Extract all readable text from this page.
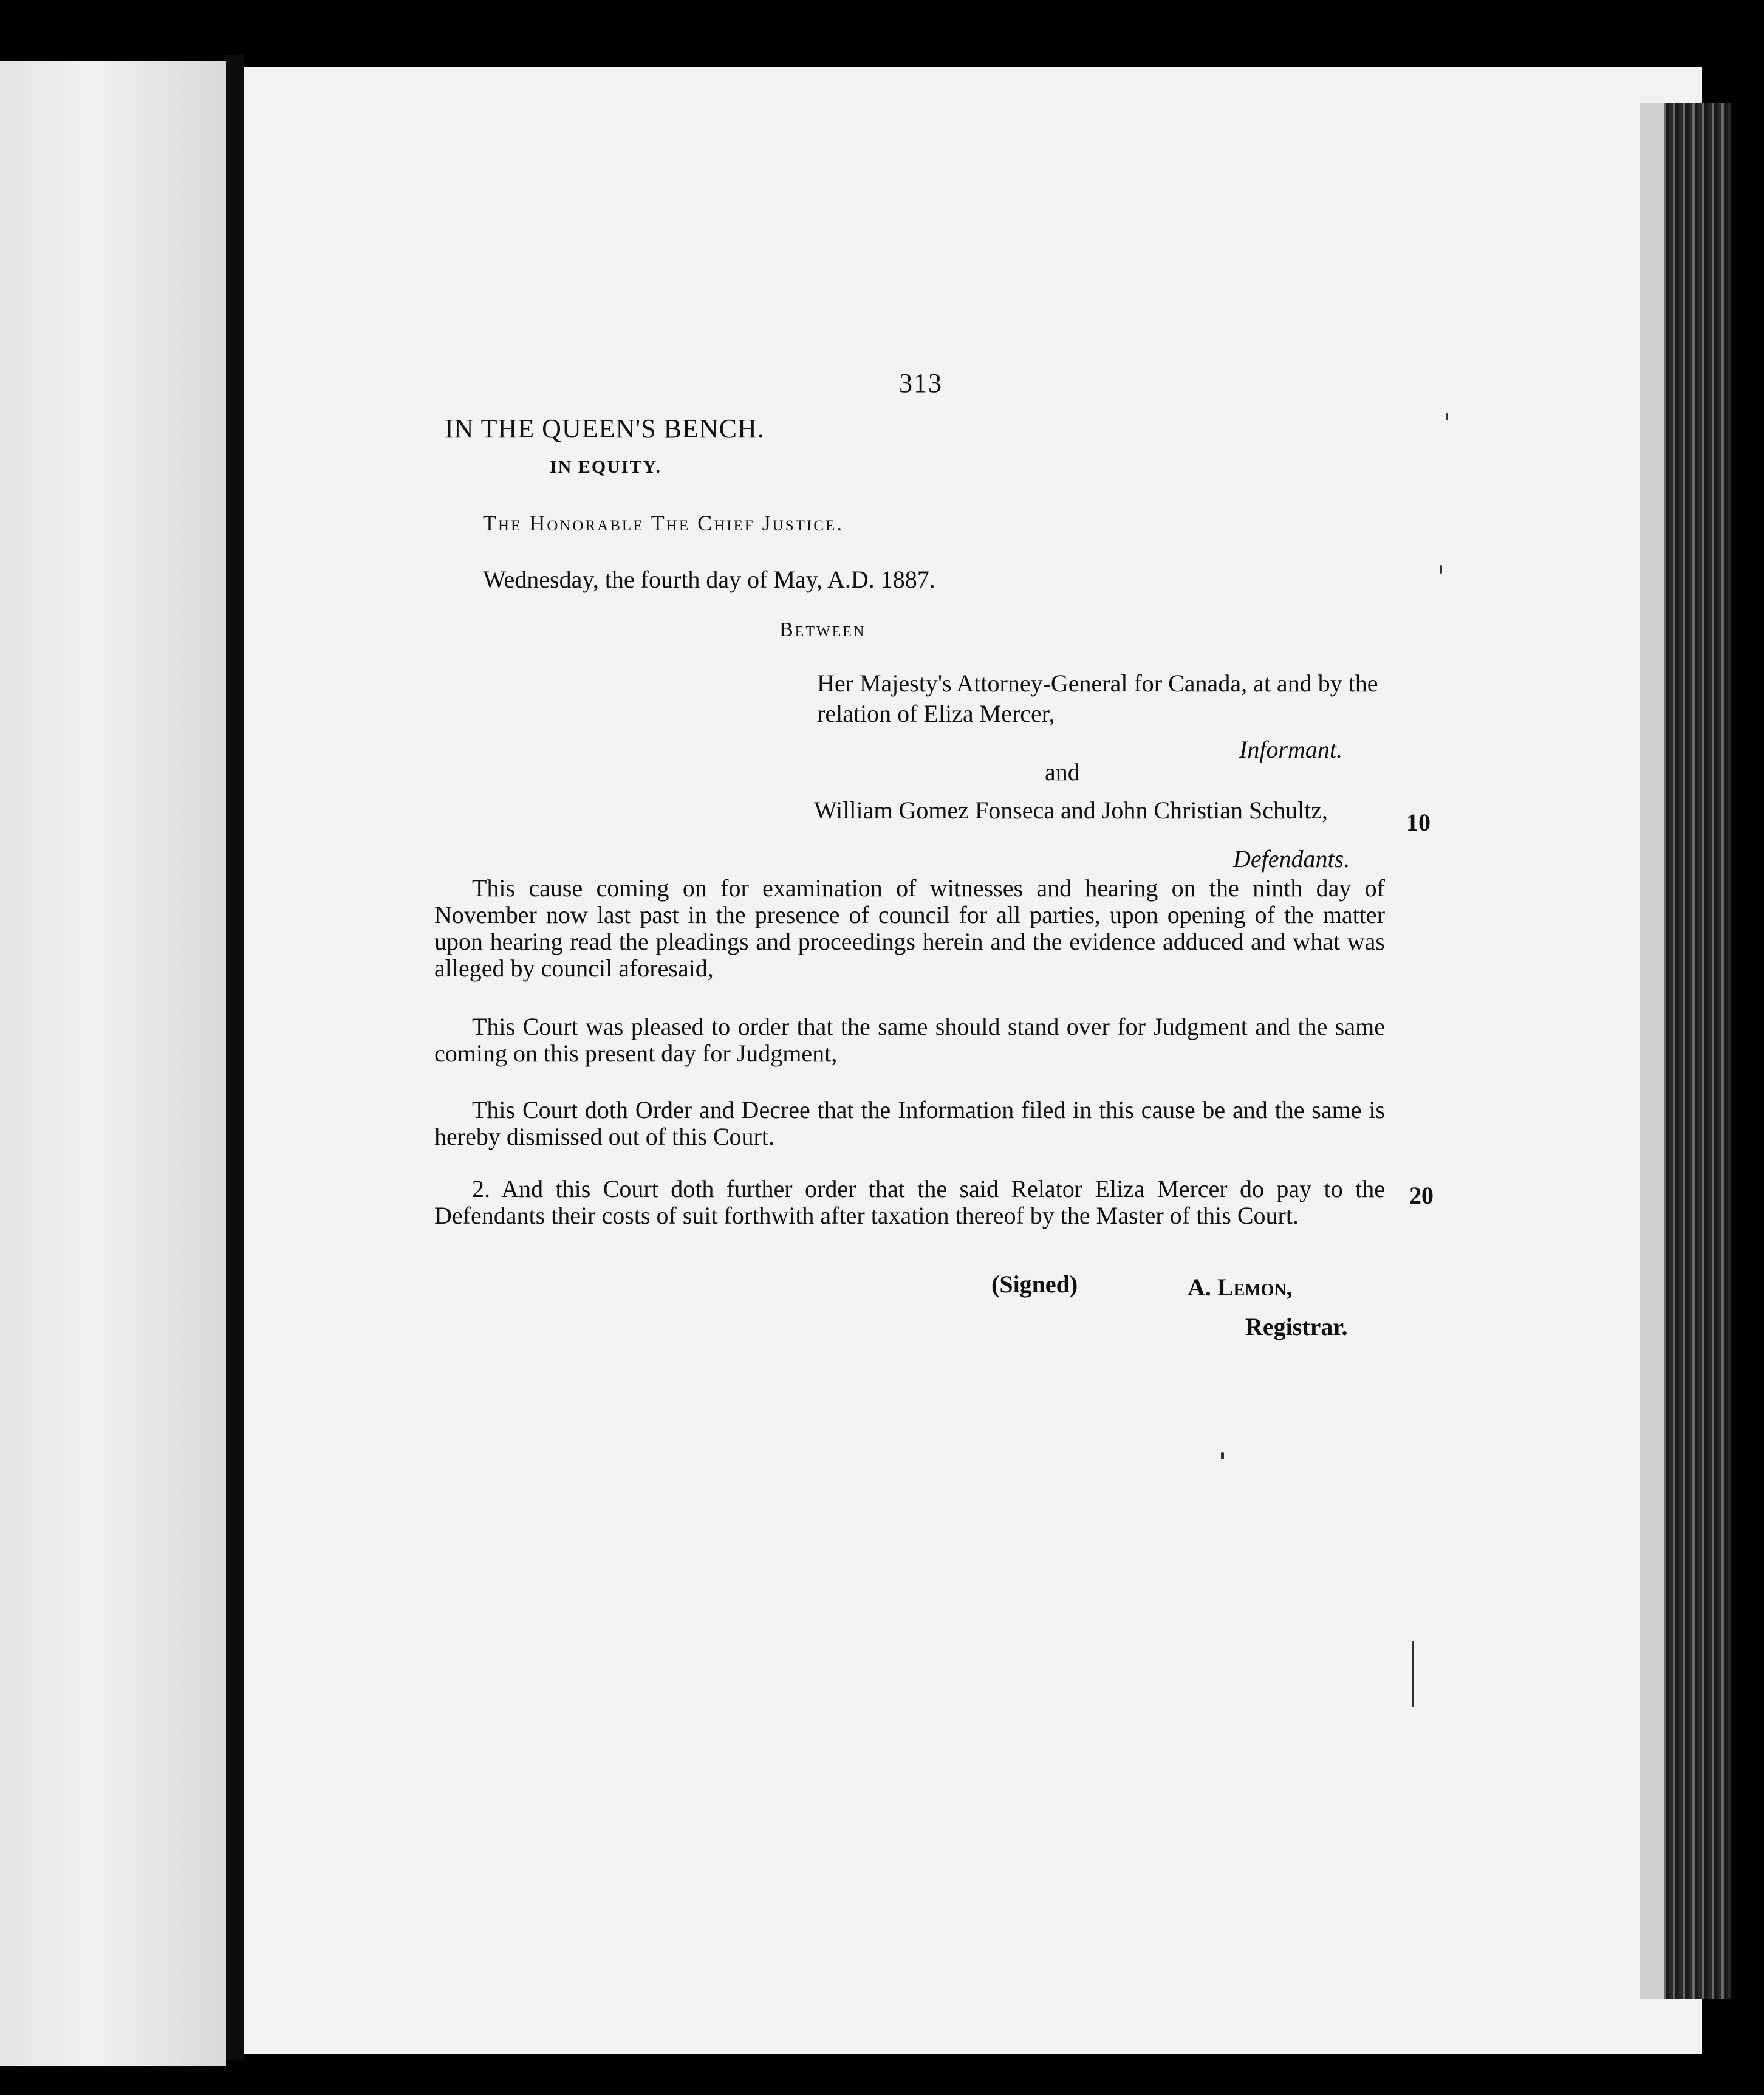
313
IN THE QUEEN'S BENCH.
IN EQUITY.
The Honorable The Chief Justice.
Wednesday, the fourth day of May, A.D. 1887.
Between
Her Majesty's Attorney-General for Canada, at and by the relation of Eliza Mercer,
Informant.
and
William Gomez Fonseca and John Christian Schultz,	10
Defendants.
This cause coming on for examination of witnesses and hearing on the ninth day of November now last past in the presence of council for all parties, upon opening of the matter upon hearing read the pleadings and proceedings herein and the evidence adduced and what was alleged by council aforesaid,
This Court was pleased to order that the same should stand over for Judgment and the same coming on this present day for Judgment,
This Court doth Order and Decree that the Information filed in this cause be and the same is hereby dismissed out of this Court.
2. And this Court doth further order that the said Relator Eliza Mercer do pay to the Defendants their costs of suit forthwith after taxation thereof by the Master of this Court.
20
(Signed)	A. Lemon,
Registrar.
